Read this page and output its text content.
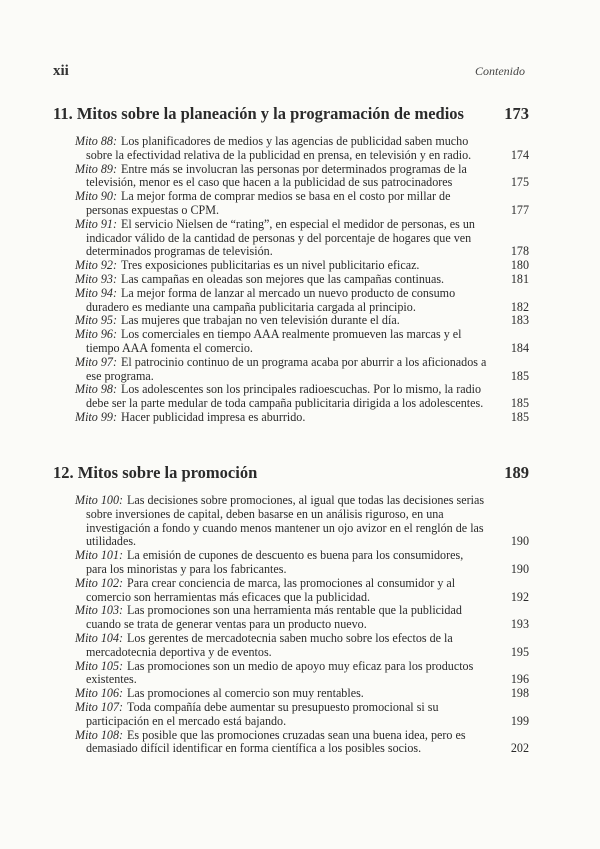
xii	Contenido
11. Mitos sobre la planeación y la programación de medios	173
Mito 88: Los planificadores de medios y las agencias de publicidad saben mucho sobre la efectividad relativa de la publicidad en prensa, en televisión y en radio.	174
Mito 89: Entre más se involucran las personas por determinados programas de la televisión, menor es el caso que hacen a la publicidad de sus patrocinadores	175
Mito 90: La mejor forma de comprar medios se basa en el costo por millar de personas expuestas o CPM.	177
Mito 91: El servicio Nielsen de “rating”, en especial el medidor de personas, es un indicador válido de la cantidad de personas y del porcentaje de hogares que ven determinados programas de televisión.	178
Mito 92: Tres exposiciones publicitarias es un nivel publicitario eficaz.	180
Mito 93: Las campañas en oleadas son mejores que las campañas continuas.	181
Mito 94: La mejor forma de lanzar al mercado un nuevo producto de consumo duradero es mediante una campaña publicitaria cargada al principio.	182
Mito 95: Las mujeres que trabajan no ven televisión durante el día.	183
Mito 96: Los comerciales en tiempo AAA realmente promueven las marcas y el tiempo AAA fomenta el comercio.	184
Mito 97: El patrocinio continuo de un programa acaba por aburrir a los aficionados a ese programa.	185
Mito 98: Los adolescentes son los principales radioescuchas. Por lo mismo, la radio debe ser la parte medular de toda campaña publicitaria dirigida a los adolescentes.	185
Mito 99: Hacer publicidad impresa es aburrido.	185
12. Mitos sobre la promoción	189
Mito 100: Las decisiones sobre promociones, al igual que todas las decisiones serias sobre inversiones de capital, deben basarse en un análisis riguroso, en una investigación a fondo y cuando menos mantener un ojo avizor en el renglón de las utilidades.	190
Mito 101: La emisión de cupones de descuento es buena para los consumidores, para los minoristas y para los fabricantes.	190
Mito 102: Para crear conciencia de marca, las promociones al consumidor y al comercio son herramientas más eficaces que la publicidad.	192
Mito 103: Las promociones son una herramienta más rentable que la publicidad cuando se trata de generar ventas para un producto nuevo.	193
Mito 104: Los gerentes de mercadotecnia saben mucho sobre los efectos de la mercadotecnia deportiva y de eventos.	195
Mito 105: Las promociones son un medio de apoyo muy eficaz para los productos existentes.	196
Mito 106: Las promociones al comercio son muy rentables.	198
Mito 107: Toda compañía debe aumentar su presupuesto promocional si su participación en el mercado está bajando.	199
Mito 108: Es posible que las promociones cruzadas sean una buena idea, pero es demasiado difícil identificar en forma científica a los posibles socios.	202
